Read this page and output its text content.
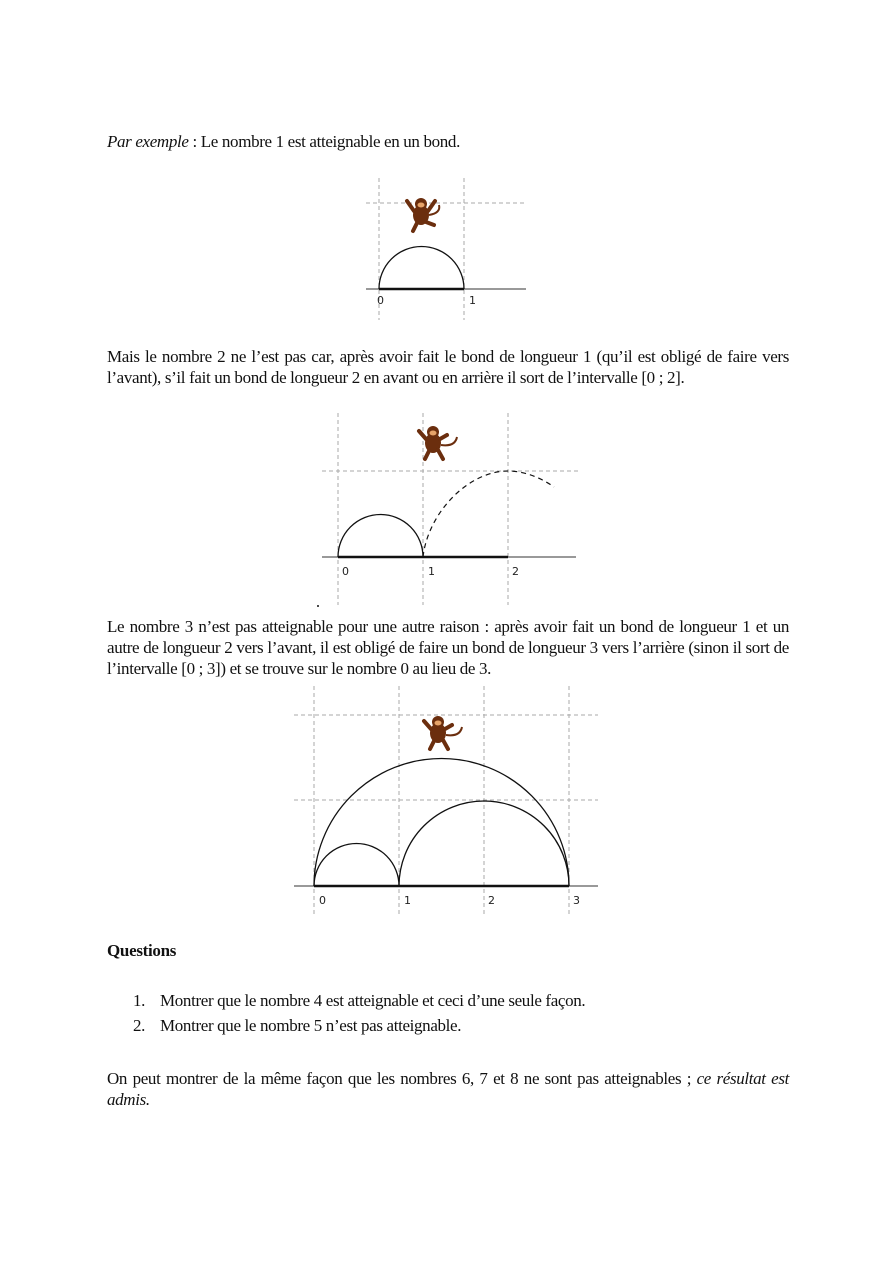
Par exemple : Le nombre 1 est atteignable en un bond.

0	1

Mais le nombre 2 ne l’est pas car, après avoir fait le bond de longueur 1 (qu’il est obligé de faire vers l’avant), s’il fait un bond de longueur 2 en avant ou en arrière il sort de l’intervalle [0 ; 2].

0	1	2

Le nombre 3 n’est pas atteignable pour une autre raison : après avoir fait un bond de longueur 1 et un autre de longueur 2 vers l’avant, il est obligé de faire un bond de longueur 3 vers l’arrière (sinon il sort de l’intervalle [0 ; 3]) et se trouve sur le nombre 0 au lieu de 3.

0	1	2	3
Questions
1. Montrer que le nombre 4 est atteignable et ceci d’une seule façon.
2. Montrer que le nombre 5 n’est pas atteignable.

On peut montrer de la même façon que les nombres 6, 7 et 8 ne sont pas atteignables ; ce résultat est admis.
